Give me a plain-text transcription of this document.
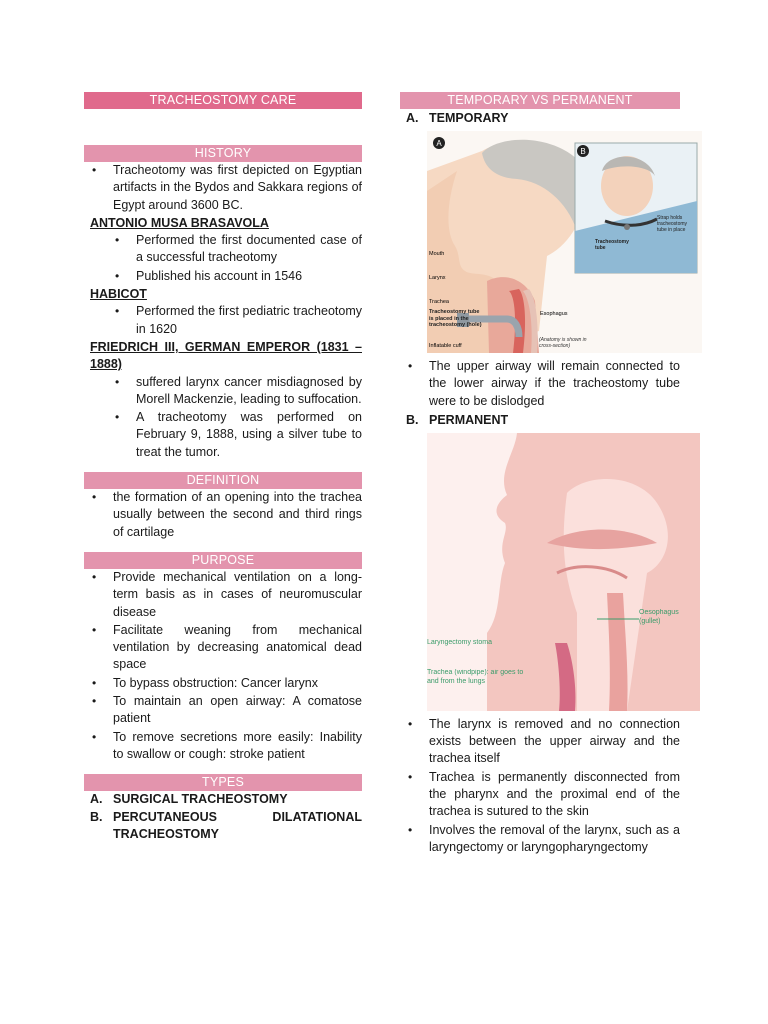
TRACHEOSTOMY CARE
HISTORY
• Tracheotomy was first depicted on Egyptian artifacts in the Bydos and Sakkara regions of Egypt around 3600 BC.
ANTONIO MUSA BRASAVOLA
• Performed the first documented case of a successful tracheotomy
• Published his account in 1546
HABICOT
• Performed the first pediatric tracheotomy in 1620
FRIEDRICH III, GERMAN EMPEROR (1831 – 1888)
• suffered larynx cancer misdiagnosed by Morell Mackenzie, leading to suffocation.
• A tracheotomy was performed on February 9, 1888, using a silver tube to treat the tumor.
DEFINITION
• the formation of an opening into the trachea usually between the second and third rings of cartilage
PURPOSE
• Provide mechanical ventilation on a long-term basis as in cases of neuromuscular disease
• Facilitate weaning from mechanical ventilation by decreasing anatomical dead space
• To bypass obstruction: Cancer larynx
• To maintain an open airway: A comatose patient
• To remove secretions more easily: Inability to swallow or cough: stroke patient
TYPES
A. SURGICAL TRACHEOSTOMY
B. PERCUTANEOUS DILATATIONAL TRACHEOSTOMY
TEMPORARY VS PERMANENT
A. TEMPORARY
A
Mouth
Larynx
Trachea
Tracheostomy tube is placed in the tracheostomy (hole)
Inflatable cuff
Esophagus
(Anatomy is shown in cross-section)
B
Strap holds tracheostomy tube in place
Tracheostomy tube
• The upper airway will remain connected to the lower airway if the tracheostomy tube were to be dislodged
B. PERMANENT
Oesophagus (gullet)
Laryngectomy stoma
Trachea (windpipe): air goes to and from the lungs
• The larynx is removed and no connection exists between the upper airway and the trachea itself
• Trachea is permanently disconnected from the pharynx and the proximal end of the trachea is sutured to the skin
• Involves the removal of the larynx, such as a laryngectomy or laryngopharyngectomy
